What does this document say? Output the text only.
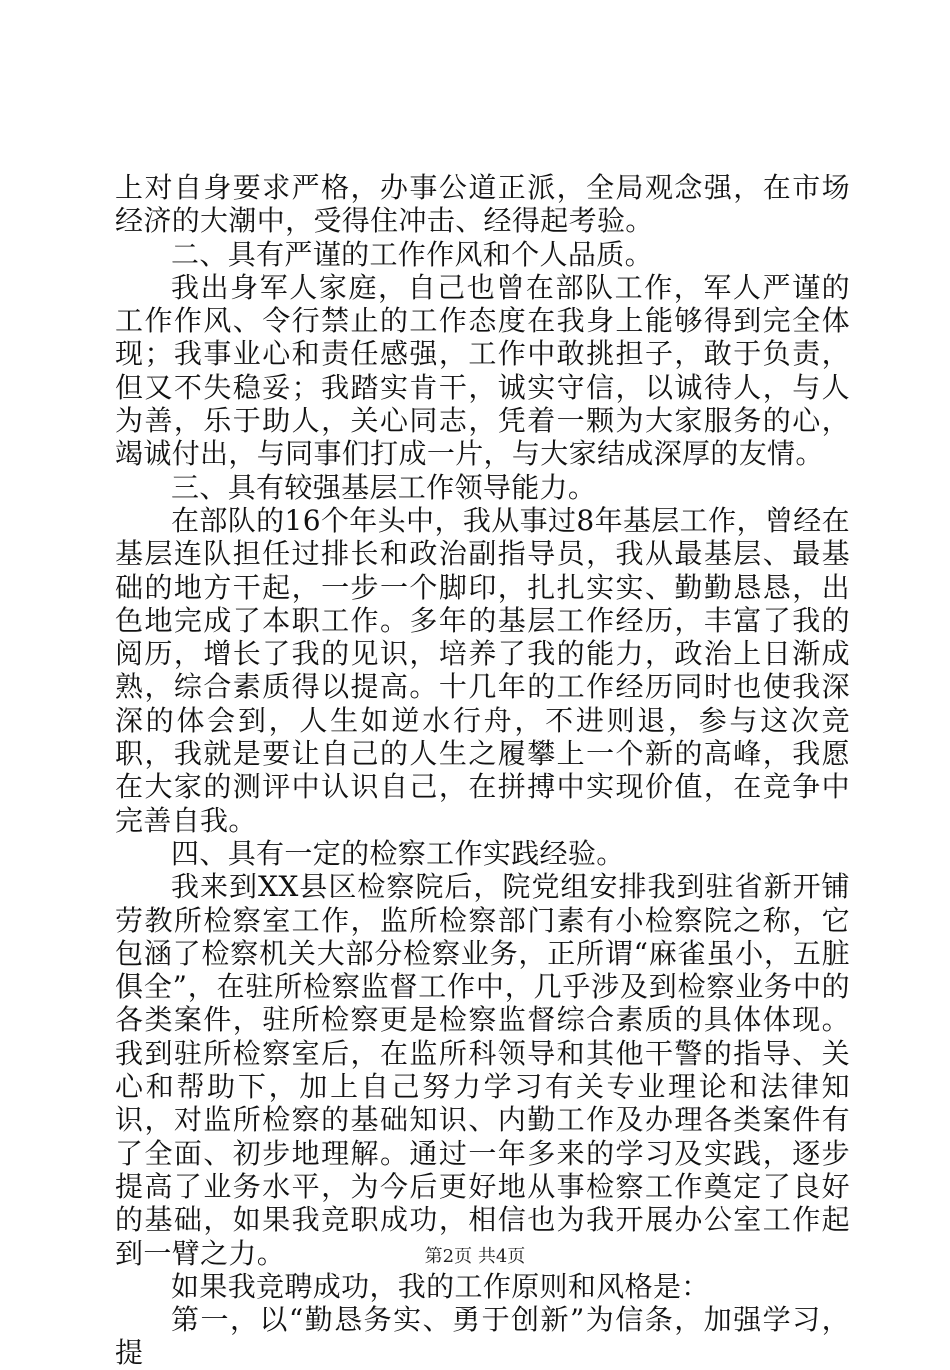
上对自身要求严格，办事公道正派，全局观念强，在市场经济的大潮中，受得住冲击、经得起考验。

二、具有严谨的工作作风和个人品质。

我出身军人家庭，自己也曾在部队工作，军人严谨的工作作风、令行禁止的工作态度在我身上能够得到完全体现；我事业心和责任感强，工作中敢挑担子，敢于负责，但又不失稳妥；我踏实肯干，诚实守信，以诚待人，与人为善，乐于助人，关心同志，凭着一颗为大家服务的心，竭诚付出，与同事们打成一片，与大家结成深厚的友情。

三、具有较强基层工作领导能力。

在部队的16个年头中，我从事过8年基层工作，曾经在基层连队担任过排长和政治副指导员，我从最基层、最基础的地方干起，一步一个脚印，扎扎实实、勤勤恳恳，出色地完成了本职工作。多年的基层工作经历，丰富了我的阅历，增长了我的见识，培养了我的能力，政治上日渐成熟，综合素质得以提高。十几年的工作经历同时也使我深深的体会到，人生如逆水行舟，不进则退，参与这次竞职，我就是要让自己的人生之履攀上一个新的高峰，我愿在大家的测评中认识自己，在拼搏中实现价值，在竞争中完善自我。

四、具有一定的检察工作实践经验。

我来到XX县区检察院后，院党组安排我到驻省新开铺劳教所检察室工作，监所检察部门素有小检察院之称，它包涵了检察机关大部分检察业务，正所谓“麻雀虽小，五脏俱全”，在驻所检察监督工作中，几乎涉及到检察业务中的各类案件，驻所检察更是检察监督综合素质的具体体现。我到驻所检察室后，在监所科领导和其他干警的指导、关心和帮助下，加上自己努力学习有关专业理论和法律知识，对监所检察的基础知识、内勤工作及办理各类案件有了全面、初步地理解。通过一年多来的学习及实践，逐步提高了业务水平，为今后更好地从事检察工作奠定了良好的基础，如果我竞职成功，相信也为我开展办公室工作起到一臂之力。

如果我竞聘成功，我的工作原则和风格是：

第一，以“勤恳务实、勇于创新”为信条，加强学习，提

第2页 共4页
